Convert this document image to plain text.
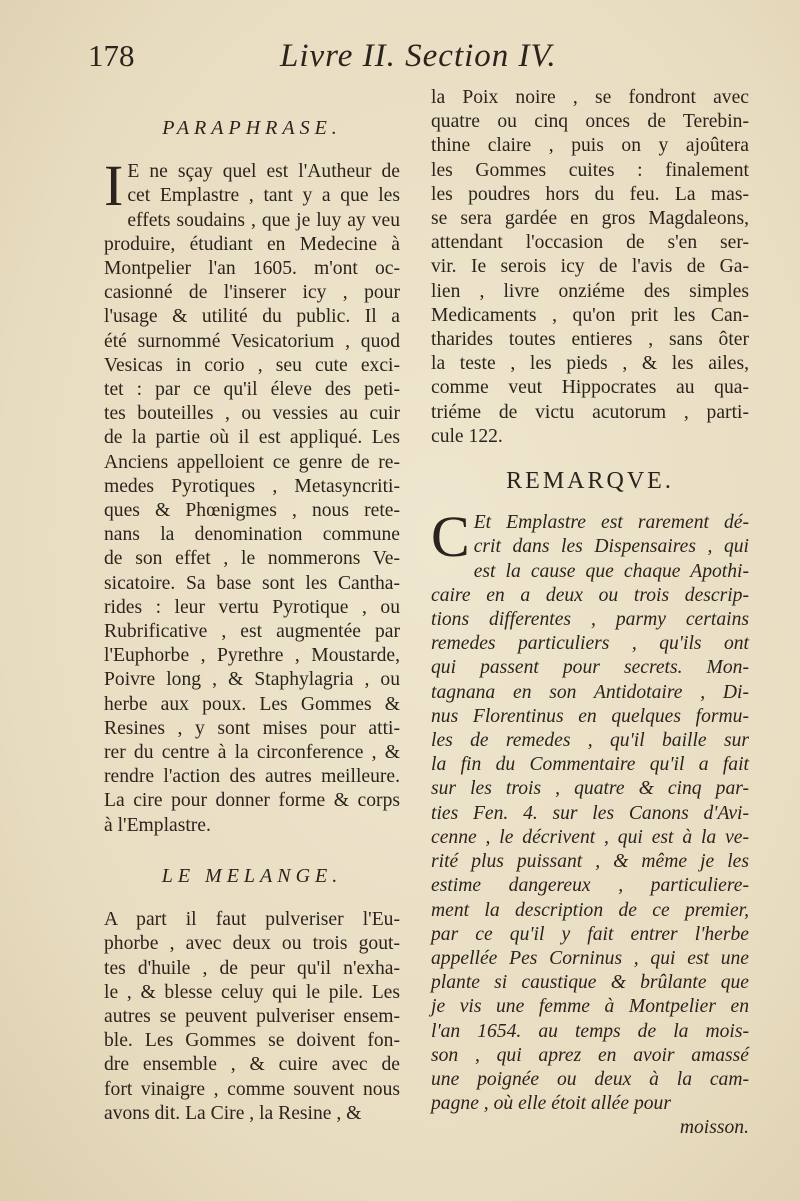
178	Livre II. Section IV.

PARAPHRASE.

I E ne sçay quel est l'Autheur de
cet Emplastre , tant y a que les
effets soudains , que je luy ay veu
produire, étudiant en Medecine à
Montpelier l'an 1605. m'ont oc-
casionné de l'inserer icy , pour
l'usage & utilité du public. Il a
été surnommé Vesicatorium , quod
Vesicas in corio , seu cute exci-
tet : par ce qu'il éleve des peti-
tes bouteilles , ou vessies au cuir
de la partie où il est appliqué. Les
Anciens appelloient ce genre de re-
medes Pyrotiques , Metasyncriti-
ques & Phœnigmes , nous rete-
nans la denomination commune
de son effet , le nommerons Ve-
sicatoire. Sa base sont les Cantha-
rides : leur vertu Pyrotique , ou
Rubrificative , est augmentée par
l'Euphorbe , Pyrethre , Moustarde,
Poivre long , & Staphylagria , ou
herbe aux poux. Les Gommes &
Resines , y sont mises pour atti-
rer du centre à la circonference , &
rendre l'action des autres meilleure.
La cire pour donner forme & corps
à l'Emplastre.

LE MELANGE.

A part il faut pulveriser l'Eu-
phorbe , avec deux ou trois gout-
tes d'huile , de peur qu'il n'exha-
le , & blesse celuy qui le pile. Les
autres se peuvent pulveriser ensem-
ble. Les Gommes se doivent fon-
dre ensemble , & cuire avec de
fort vinaigre , comme souvent nous
avons dit. La Cire , la Resine , &
la Poix noire , se fondront avec
quatre ou cinq onces de Terebin-
thine claire , puis on y ajoûtera
les Gommes cuites : finalement
les poudres hors du feu. La mas-
se sera gardée en gros Magdaleons,
attendant l'occasion de s'en ser-
vir. Ie serois icy de l'avis de Ga-
lien , livre onziéme des simples
Medicaments , qu'on prit les Can-
tharides toutes entieres , sans ôter
la teste , les pieds , & les ailes,
comme veut Hippocrates au qua-
triéme de victu acutorum , parti-
cule 122.

REMARQVE.

C Et Emplastre est rarement dé-
crit dans les Dispensaires , qui
est la cause que chaque Apothi-
caire en a deux ou trois descrip-
tions differentes , parmy certains
remedes particuliers , qu'ils ont
qui passent pour secrets. Mon-
tagnana en son Antidotaire , Di-
nus Florentinus en quelques formu-
les de remedes , qu'il baille sur
la fin du Commentaire qu'il a fait
sur les trois , quatre & cinq par-
ties Fen. 4. sur les Canons d'Avi-
cenne , le décrivent , qui est à la ve-
rité plus puissant , & même je les
estime dangereux , particuliere-
ment la description de ce premier,
par ce qu'il y fait entrer l'herbe
appellée Pes Corninus , qui est une
plante si caustique & brûlante que
je vis une femme à Montpelier en
l'an 1654. au temps de la mois-
son , qui aprez en avoir amassé
une poignée ou deux à la cam-
pagne , où elle étoit allée pour

moisson.
